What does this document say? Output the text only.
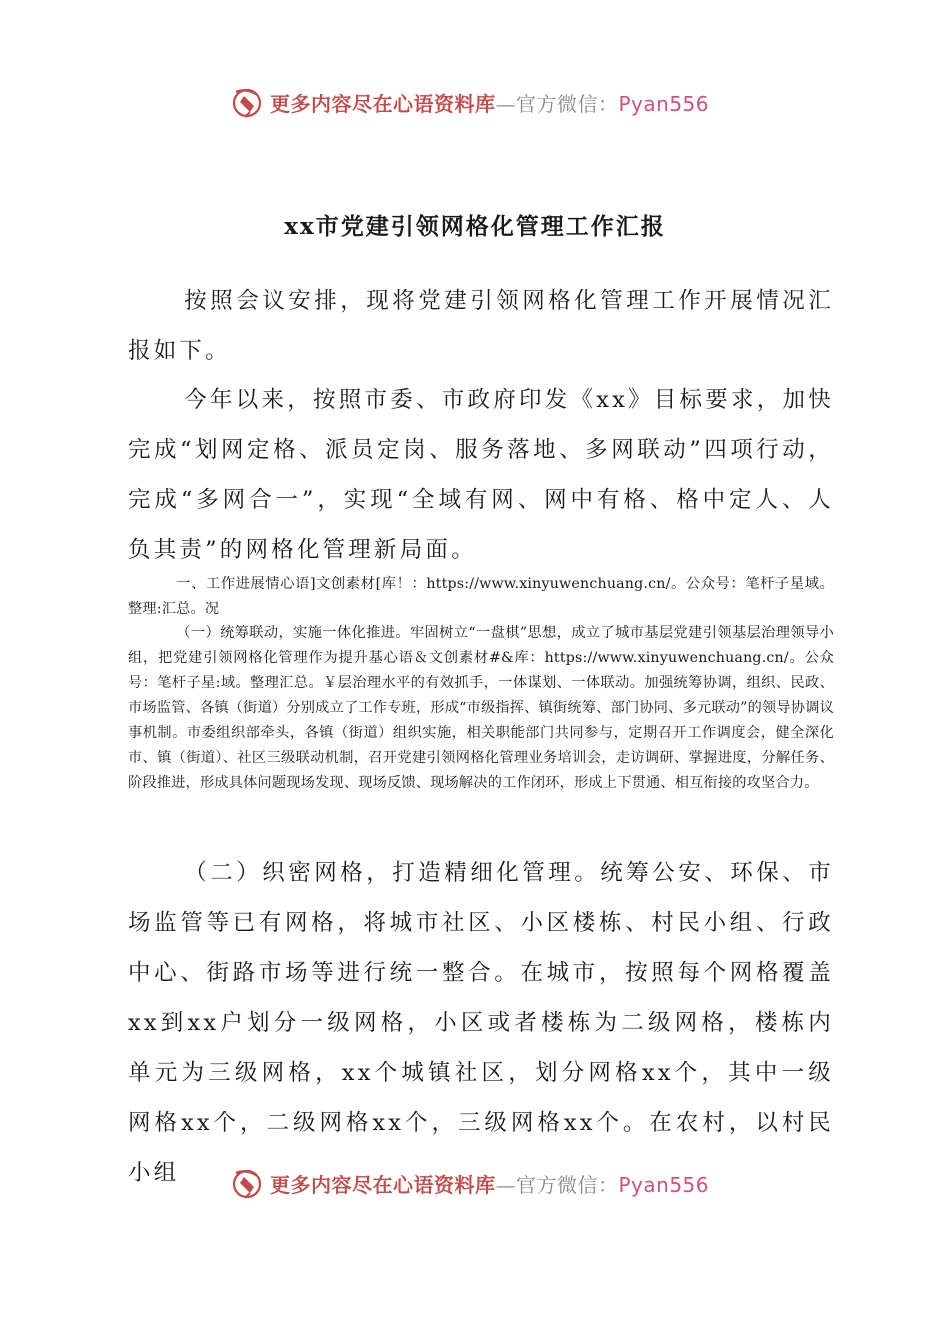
更多内容尽在心语资料库—官方微信：Pyan556
xx市党建引领网格化管理工作汇报

按照会议安排，现将党建引领网格化管理工作开展情况汇报如下。

今年以来，按照市委、市政府印发《xx》目标要求，加快完成“划网定格、派员定岗、服务落地、多网联动”四项行动，完成“多网合一”，实现“全域有网、网中有格、格中定人、人负其责”的网格化管理新局面。

一、工作进展情心语]文创素材[库！：https://www.xinyuwenchuang.cn/。公众号：笔杆子星域。整理:汇总。况

（一）统筹联动，实施一体化推进。牢固树立“一盘棋”思想，成立了城市基层党建引领基层治理领导小组，把党建引领网格化管理作为提升基心语＆文创素材#&库：https://www.xinyuwenchuang.cn/。公众号：笔杆子星:域。整理汇总。￥层治理水平的有效抓手，一体谋划、一体联动。加强统筹协调，组织、民政、市场监管、各镇（街道）分别成立了工作专班，形成“市级指挥、镇街统筹、部门协同、多元联动”的领导协调议事机制。市委组织部牵头，各镇（街道）组织实施，相关职能部门共同参与，定期召开工作调度会，健全深化市、镇（街道）、社区三级联动机制，召开党建引领网格化管理业务培训会，走访调研、掌握进度，分解任务、阶段推进，形成具体问题现场发现、现场反馈、现场解决的工作闭环，形成上下贯通、相互衔接的攻坚合力。

（二）织密网格，打造精细化管理。统筹公安、环保、市场监管等已有网格，将城市社区、小区楼栋、村民小组、行政中心、街路市场等进行统一整合。在城市，按照每个网格覆盖xx到xx户划分一级网格，小区或者楼栋为二级网格，楼栋内单元为三级网格，xx个城镇社区，划分网格xx个，其中一级网格xx个，二级网格xx个，三级网格xx个。在农村，以村民小组	更多内容尽在心语资料库—官方微信：Pyan556
